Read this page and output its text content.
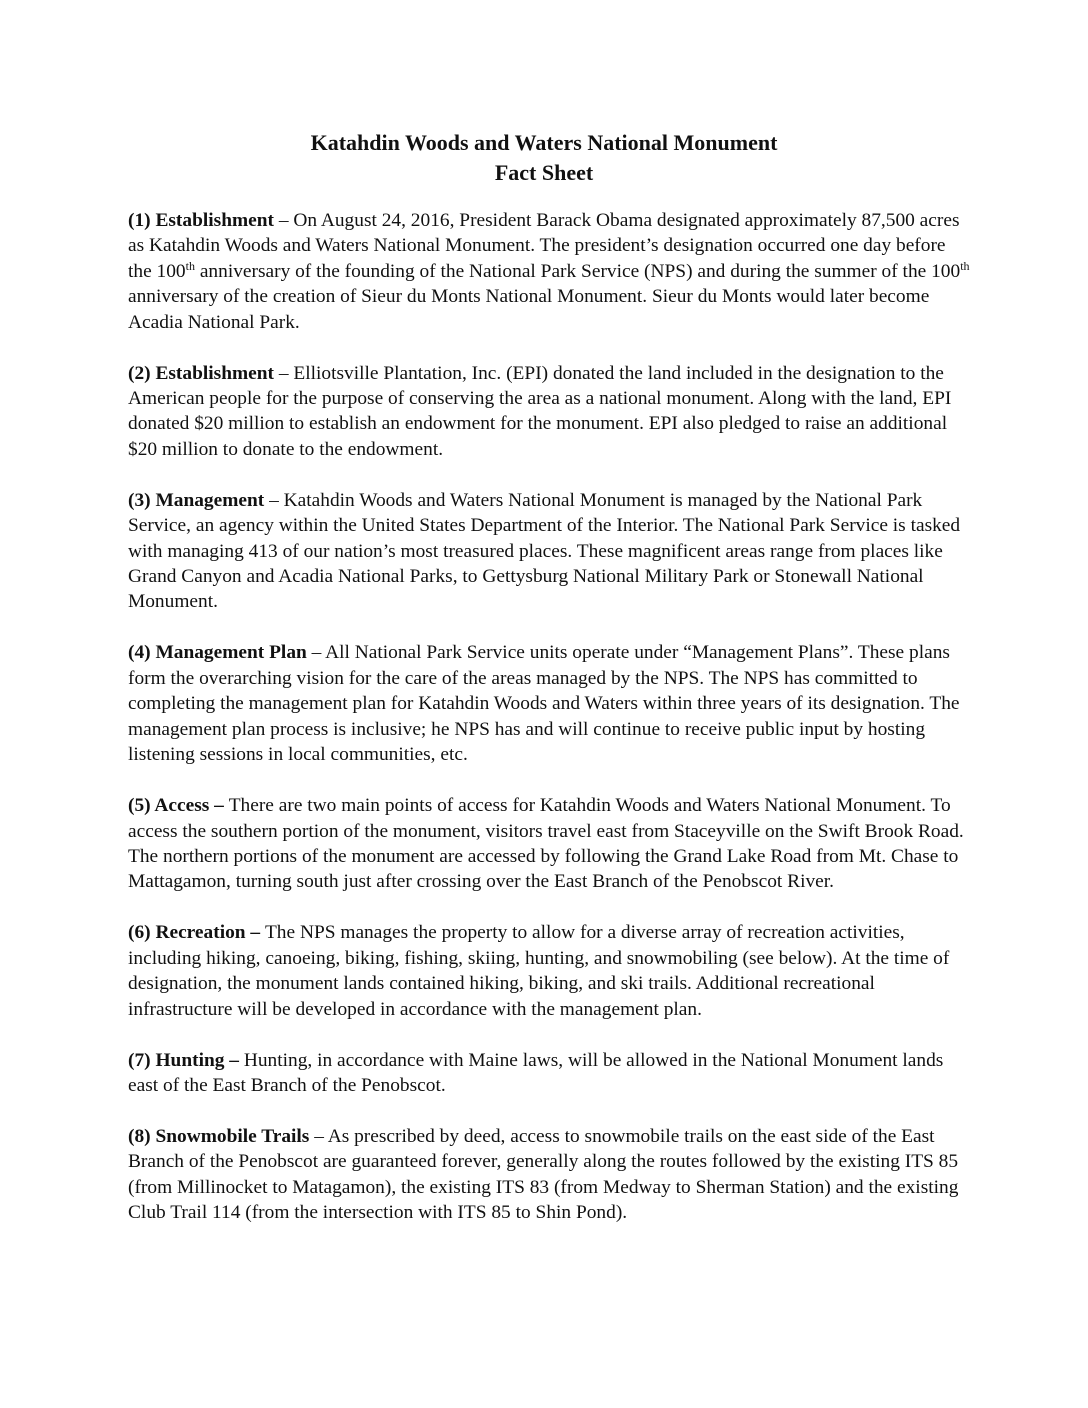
Katahdin Woods and Waters National Monument
Fact Sheet

(1) Establishment – On August 24, 2016, President Barack Obama designated approximately 87,500 acres as Katahdin Woods and Waters National Monument. The president’s designation occurred one day before the 100th anniversary of the founding of the National Park Service (NPS) and during the summer of the 100th anniversary of the creation of Sieur du Monts National Monument. Sieur du Monts would later become Acadia National Park.

(2) Establishment – Elliotsville Plantation, Inc. (EPI) donated the land included in the designation to the American people for the purpose of conserving the area as a national monument. Along with the land, EPI donated $20 million to establish an endowment for the monument. EPI also pledged to raise an additional $20 million to donate to the endowment.

(3) Management – Katahdin Woods and Waters National Monument is managed by the National Park Service, an agency within the United States Department of the Interior. The National Park Service is tasked with managing 413 of our nation’s most treasured places. These magnificent areas range from places like Grand Canyon and Acadia National Parks, to Gettysburg National Military Park or Stonewall National Monument.

(4) Management Plan – All National Park Service units operate under “Management Plans”. These plans form the overarching vision for the care of the areas managed by the NPS. The NPS has committed to completing the management plan for Katahdin Woods and Waters within three years of its designation. The management plan process is inclusive; he NPS has and will continue to receive public input by hosting listening sessions in local communities, etc.

(5) Access – There are two main points of access for Katahdin Woods and Waters National Monument. To access the southern portion of the monument, visitors travel east from Staceyville on the Swift Brook Road. The northern portions of the monument are accessed by following the Grand Lake Road from Mt. Chase to Mattagamon, turning south just after crossing over the East Branch of the Penobscot River.

(6) Recreation – The NPS manages the property to allow for a diverse array of recreation activities, including hiking, canoeing, biking, fishing, skiing, hunting, and snowmobiling (see below). At the time of designation, the monument lands contained hiking, biking, and ski trails. Additional recreational infrastructure will be developed in accordance with the management plan.

(7) Hunting – Hunting, in accordance with Maine laws, will be allowed in the National Monument lands east of the East Branch of the Penobscot.

(8) Snowmobile Trails – As prescribed by deed, access to snowmobile trails on the east side of the East Branch of the Penobscot are guaranteed forever, generally along the routes followed by the existing ITS 85 (from Millinocket to Matagamon), the existing ITS 83 (from Medway to Sherman Station) and the existing Club Trail 114 (from the intersection with ITS 85 to Shin Pond).
